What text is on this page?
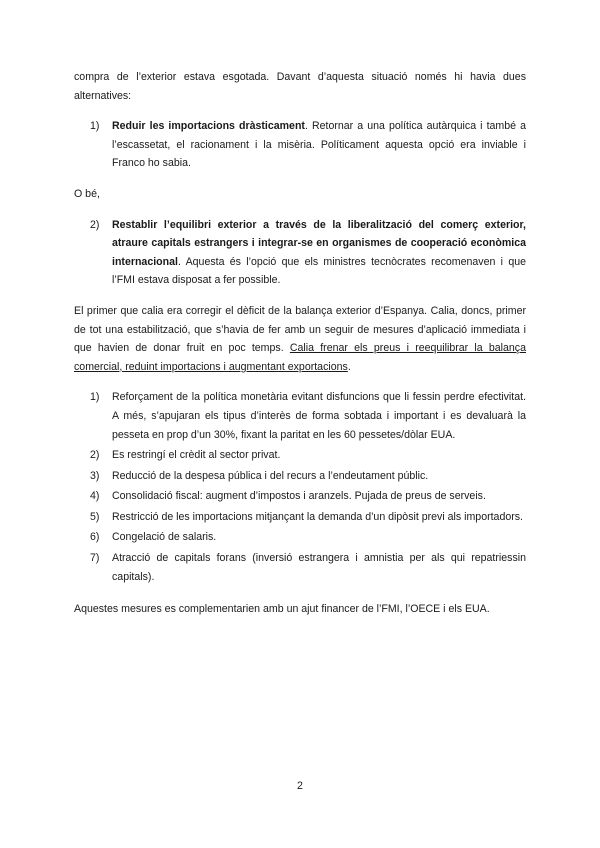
compra de l’exterior estava esgotada. Davant d’aquesta situació només hi havia dues alternatives:

1) Reduir les importacions dràsticament. Retornar a una política autàrquica i també a l’escassetat, el racionament i la misèria. Políticament aquesta opció era inviable i Franco ho sabia.

O bé,

2) Restablir l’equilibri exterior a través de la liberalització del comerç exterior, atraure capitals estrangers i integrar-se en organismes de cooperació econòmica internacional. Aquesta és l’opció que els ministres tecnòcrates recomenaven i que l’FMI estava disposat a fer possible.

El primer que calia era corregir el dèficit de la balança exterior d’Espanya. Calia, doncs, primer de tot una estabilització, que s’havia de fer amb un seguir de mesures d’aplicació immediata i que havien de donar fruit en poc temps. Calia frenar els preus i reequilibrar la balança comercial, reduint importacions i augmentant exportacions.

1) Reforçament de la política monetària evitant disfuncions que li fessin perdre efectivitat. A més, s’apujaran els tipus d’interès de forma sobtada i important i es devaluarà la pesseta en prop d’un 30%, fixant la paritat en les 60 pessetes/dòlar EUA.
2) Es restringí el crèdit al sector privat.
3) Reducció de la despesa pública i del recurs a l’endeutament públic.
4) Consolidació fiscal: augment d’impostos i aranzels. Pujada de preus de serveis.
5) Restricció de les importacions mitjançant la demanda d’un dipòsit previ als importadors.
6) Congelació de salaris.
7) Atracció de capitals forans (inversió estrangera i amnistia per als qui repatriessin capitals).

Aquestes mesures es complementarien amb un ajut financer de l’FMI, l’OECE i els EUA.

2
